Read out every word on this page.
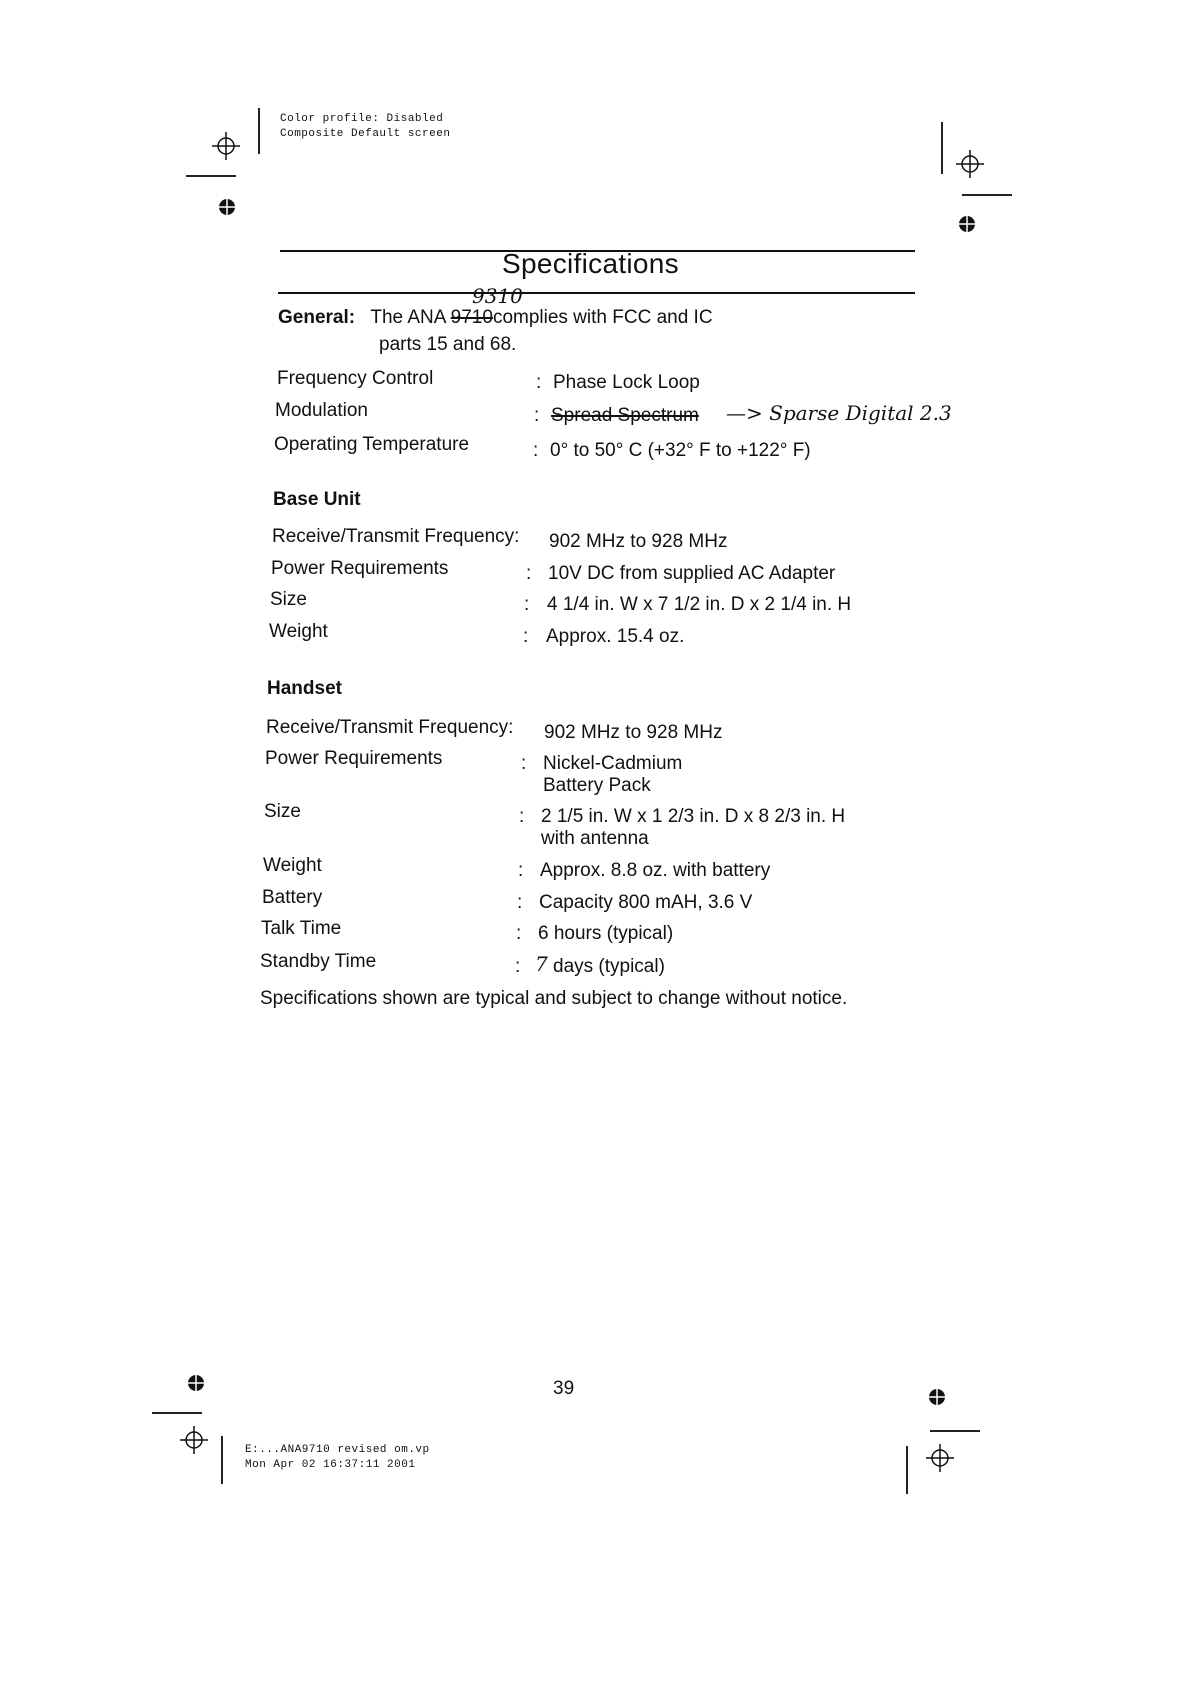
Color profile: Disabled
Composite Default screen
Specifications
General: The ANA 9710complies with FCC and IC
9310
parts 15 and 68.
Frequency Control	: Phase Lock Loop
Modulation	: Spread Spectrum —> Sparse Digital 2.3
Operating Temperature	: 0° to 50° C (+32° F to +122° F)
Base Unit
Receive/Transmit Frequency: 902 MHz to 928 MHz
Power Requirements	: 10V DC from supplied AC Adapter
Size	: 4 1/4 in. W x 7 1/2 in. D x 2 1/4 in. H
Weight	: Approx. 15.4 oz.
Handset
Receive/Transmit Frequency: 902 MHz to 928 MHz
Power Requirements	: Nickel-Cadmium
Battery Pack
Size	: 2 1/5 in. W x 1 2/3 in. D x 8 2/3 in. H
with antenna
Weight	: Approx. 8.8 oz. with battery
Battery	: Capacity 800 mAH, 3.6 V
Talk Time	: 6 hours (typical)
Standby Time	: 7 days (typical)
Specifications shown are typical and subject to change without notice.
39
E:...ANA9710 revised om.vp
Mon Apr 02 16:37:11 2001
